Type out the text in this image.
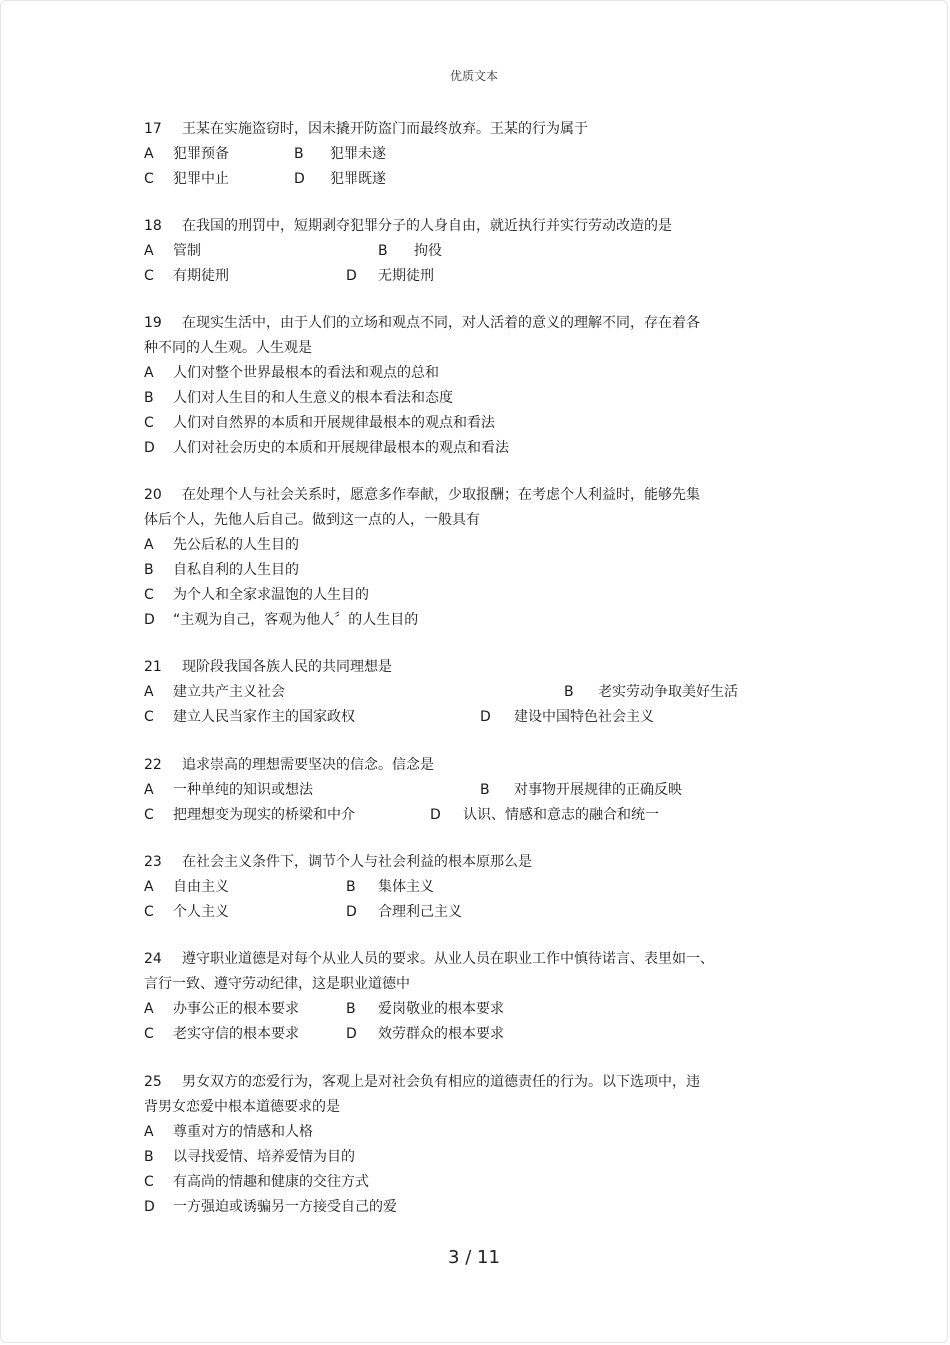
优质文本
17 王某在实施盗窃时，因未撬开防盗门而最终放弃。王某的行为属于
A 犯罪预备	B 犯罪未遂
C 犯罪中止	D 犯罪既遂
18 在我国的刑罚中，短期剥夺犯罪分子的人身自由，就近执行并实行劳动改造的是
A 管制	B 拘役
C 有期徒刑	D 无期徒刑
19 在现实生活中，由于人们的立场和观点不同，对人活着的意义的理解不同，存在着各
种不同的人生观。人生观是
A 人们对整个世界最根本的看法和观点的总和
B 人们对人生目的和人生意义的根本看法和态度
C 人们对自然界的本质和开展规律最根本的观点和看法
D 人们对社会历史的本质和开展规律最根本的观点和看法
20 在处理个人与社会关系时，愿意多作奉献，少取报酬；在考虑个人利益时，能够先集
体后个人，先他人后自己。做到这一点的人，一般具有
A 先公后私的人生目的
B 自私自利的人生目的
C 为个人和全家求温饱的人生目的
D “主观为自己，客观为他人〞的人生目的
21 现阶段我国各族人民的共同理想是
A 建立共产主义社会	B 老实劳动争取美好生活
C 建立人民当家作主的国家政权	D 建设中国特色社会主义
22 追求崇高的理想需要坚决的信念。信念是
A 一种单纯的知识或想法	B 对事物开展规律的正确反映
C 把理想变为现实的桥梁和中介	D 认识、情感和意志的融合和统一
23 在社会主义条件下，调节个人与社会利益的根本原那么是
A 自由主义	B 集体主义
C 个人主义	D 合理利己主义
24 遵守职业道德是对每个从业人员的要求。从业人员在职业工作中慎待诺言、表里如一、
言行一致、遵守劳动纪律，这是职业道德中
A 办事公正的根本要求	B 爱岗敬业的根本要求
C 老实守信的根本要求	D 效劳群众的根本要求
25 男女双方的恋爱行为，客观上是对社会负有相应的道德责任的行为。以下选项中，违
背男女恋爱中根本道德要求的是
A 尊重对方的情感和人格
B 以寻找爱情、培养爱情为目的
C 有高尚的情趣和健康的交往方式
D 一方强迫或诱骗另一方接受自己的爱
3 / 11
